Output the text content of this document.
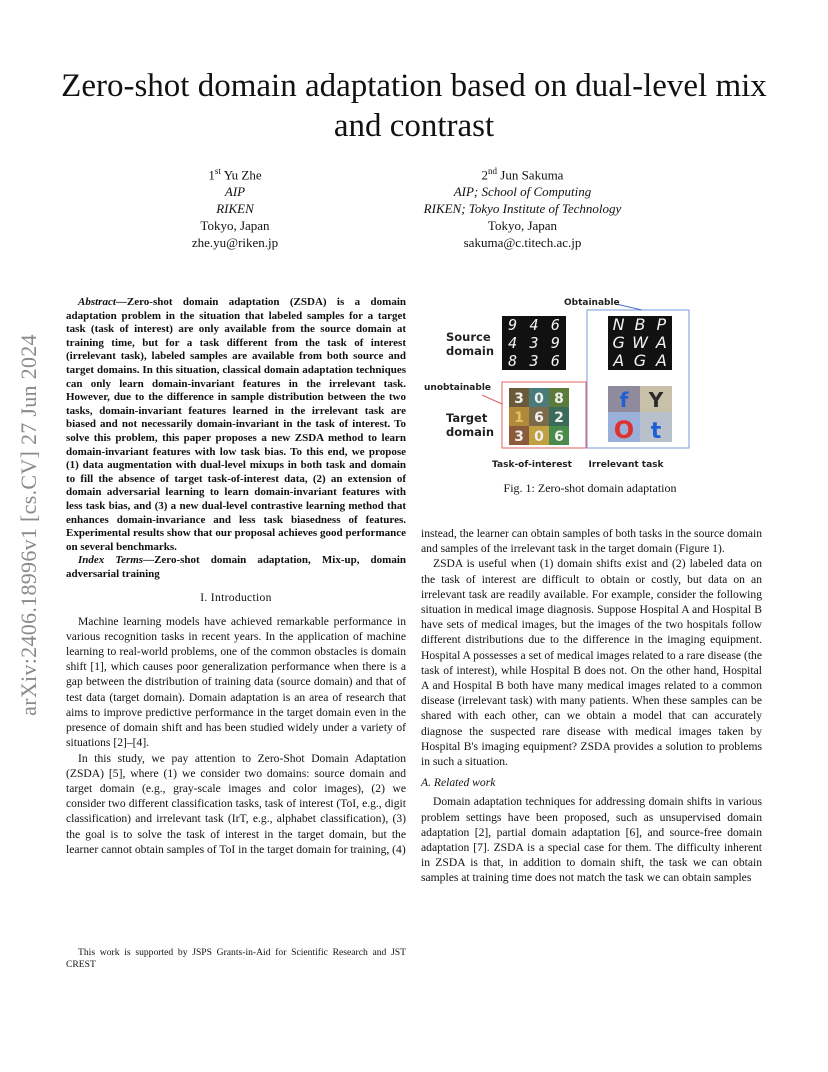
arXiv:2406.18996v1 [cs.CV] 27 Jun 2024
Zero-shot domain adaptation based on dual-level mix and contrast
1st Yu Zhe
AIP
RIKEN
Tokyo, Japan
zhe.yu@riken.jp
2nd Jun Sakuma
AIP; School of Computing
RIKEN; Tokyo Institute of Technology
Tokyo, Japan
sakuma@c.titech.ac.jp

Abstract—Zero-shot domain adaptation (ZSDA) is a domain adaptation problem in the situation that labeled samples for a target task (task of interest) are only available from the source domain at training time, but for a task different from the task of interest (irrelevant task), labeled samples are available from both source and target domains. In this situation, classical domain adaptation techniques can only learn domain-invariant features in the irrelevant task. However, due to the difference in sample distribution between the two tasks, domain-invariant features learned in the irrelevant task are biased and not necessarily domain-invariant in the task of interest. To solve this problem, this paper proposes a new ZSDA method to learn domain-invariant features with low task bias. To this end, we propose (1) data augmentation with dual-level mixups in both task and domain to fill the absence of target task-of-interest data, (2) an extension of domain adversarial learning to learn domain-invariant features with less task bias, and (3) a new dual-level contrastive learning method that enhances domain-invariance and less task biasedness of features. Experimental results show that our proposal achieves good performance on several benchmarks.

Index Terms—Zero-shot domain adaptation, Mix-up, domain adversarial training

I. Introduction

Machine learning models have achieved remarkable performance in various recognition tasks in recent years. In the application of machine learning to real-world problems, one of the common obstacles is domain shift [1], which causes poor generalization performance when there is a gap between the distribution of training data (source domain) and that of test data (target domain). Domain adaptation is an area of research that aims to improve predictive performance in the target domain even in the presence of domain shift and has been studied widely under a variety of situations [2]–[4].

In this study, we pay attention to Zero-Shot Domain Adaptation (ZSDA) [5], where (1) we consider two domains: source domain and target domain (e.g., gray-scale images and color images), (2) we consider two different classification tasks, task of interest (ToI, e.g., digit classification) and irrelevant task (IrT, e.g., alphabet classification), (3) the goal is to solve the task of interest in the target domain, but the learner cannot obtain samples of ToI in the target domain for training, (4)

This work is supported by JSPS Grants-in-Aid for Scientific Research and JST CREST
Obtainable
unobtainable
Source
domain
Target
domain
9 4 6
4 3 9
8 3 6
N B P
G W A
A G A
3 0 8
1 6 2
3 0 6
f Y
O t
Task-of-interest Irrelevant task
Fig. 1: Zero-shot domain adaptation

instead, the learner can obtain samples of both tasks in the source domain and samples of the irrelevant task in the target domain (Figure 1).

ZSDA is useful when (1) domain shifts exist and (2) labeled data on the task of interest are difficult to obtain or costly, but data on an irrelevant task are readily available. For example, consider the following situation in medical image diagnosis. Suppose Hospital A and Hospital B have sets of medical images, but the images of the two hospitals follow different distributions due to the difference in the imaging equipment. Hospital A possesses a set of medical images related to a rare disease (the task of interest), while Hospital B does not. On the other hand, Hospital A and Hospital B both have many medical images related to a common disease (irrelevant task) with many patients. When these samples can be shared with each other, can we obtain a model that can accurately diagnose the suspected rare disease with medical images taken by Hospital B's imaging equipment? ZSDA provides a solution to problems in such a situation.

A. Related work

Domain adaptation techniques for addressing domain shifts in various problem settings have been proposed, such as unsupervised domain adaptation [2], partial domain adaptation [6], and source-free domain adaptation [7]. ZSDA is a special case for them. The difficulty inherent in ZSDA is that, in addition to domain shift, the task we can obtain samples at training time does not match the task we can obtain samples
